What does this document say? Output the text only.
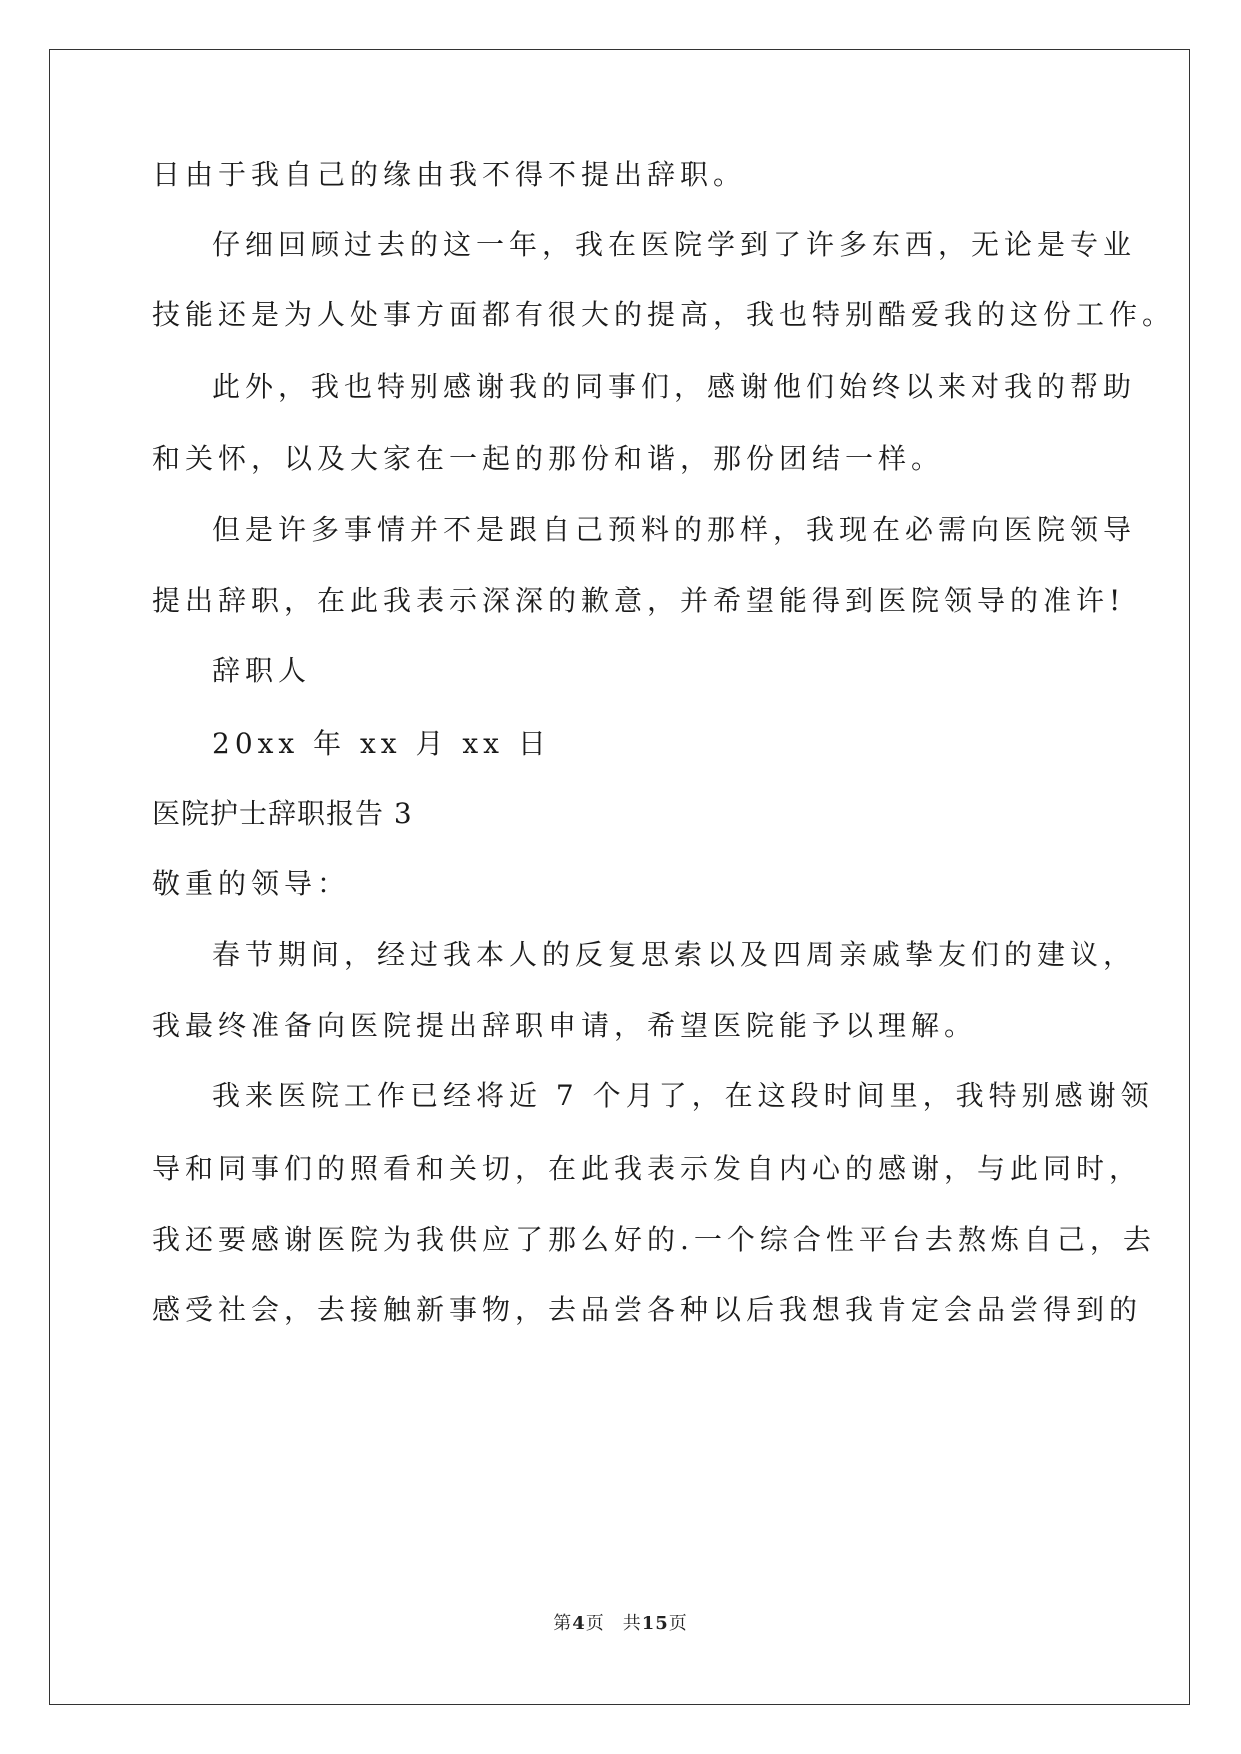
日由于我自己的缘由我不得不提出辞职。
仔细回顾过去的这一年，我在医院学到了许多东西，无论是专业
技能还是为人处事方面都有很大的提高，我也特别酷爱我的这份工作。
此外，我也特别感谢我的同事们，感谢他们始终以来对我的帮助
和关怀，以及大家在一起的那份和谐，那份团结一样。
但是许多事情并不是跟自己预料的那样，我现在必需向医院领导
提出辞职，在此我表示深深的歉意，并希望能得到医院领导的准许!
辞职人
20xx 年 xx 月 xx 日
医院护士辞职报告 3
敬重的领导：
春节期间，经过我本人的反复思索以及四周亲戚挚友们的建议，
我最终准备向医院提出辞职申请，希望医院能予以理解。
我来医院工作已经将近 7 个月了，在这段时间里，我特别感谢领
导和同事们的照看和关切，在此我表示发自内心的感谢，与此同时，
我还要感谢医院为我供应了那么好的.一个综合性平台去熬炼自己，去
感受社会，去接触新事物，去品尝各种以后我想我肯定会品尝得到的
第4页 共15页
